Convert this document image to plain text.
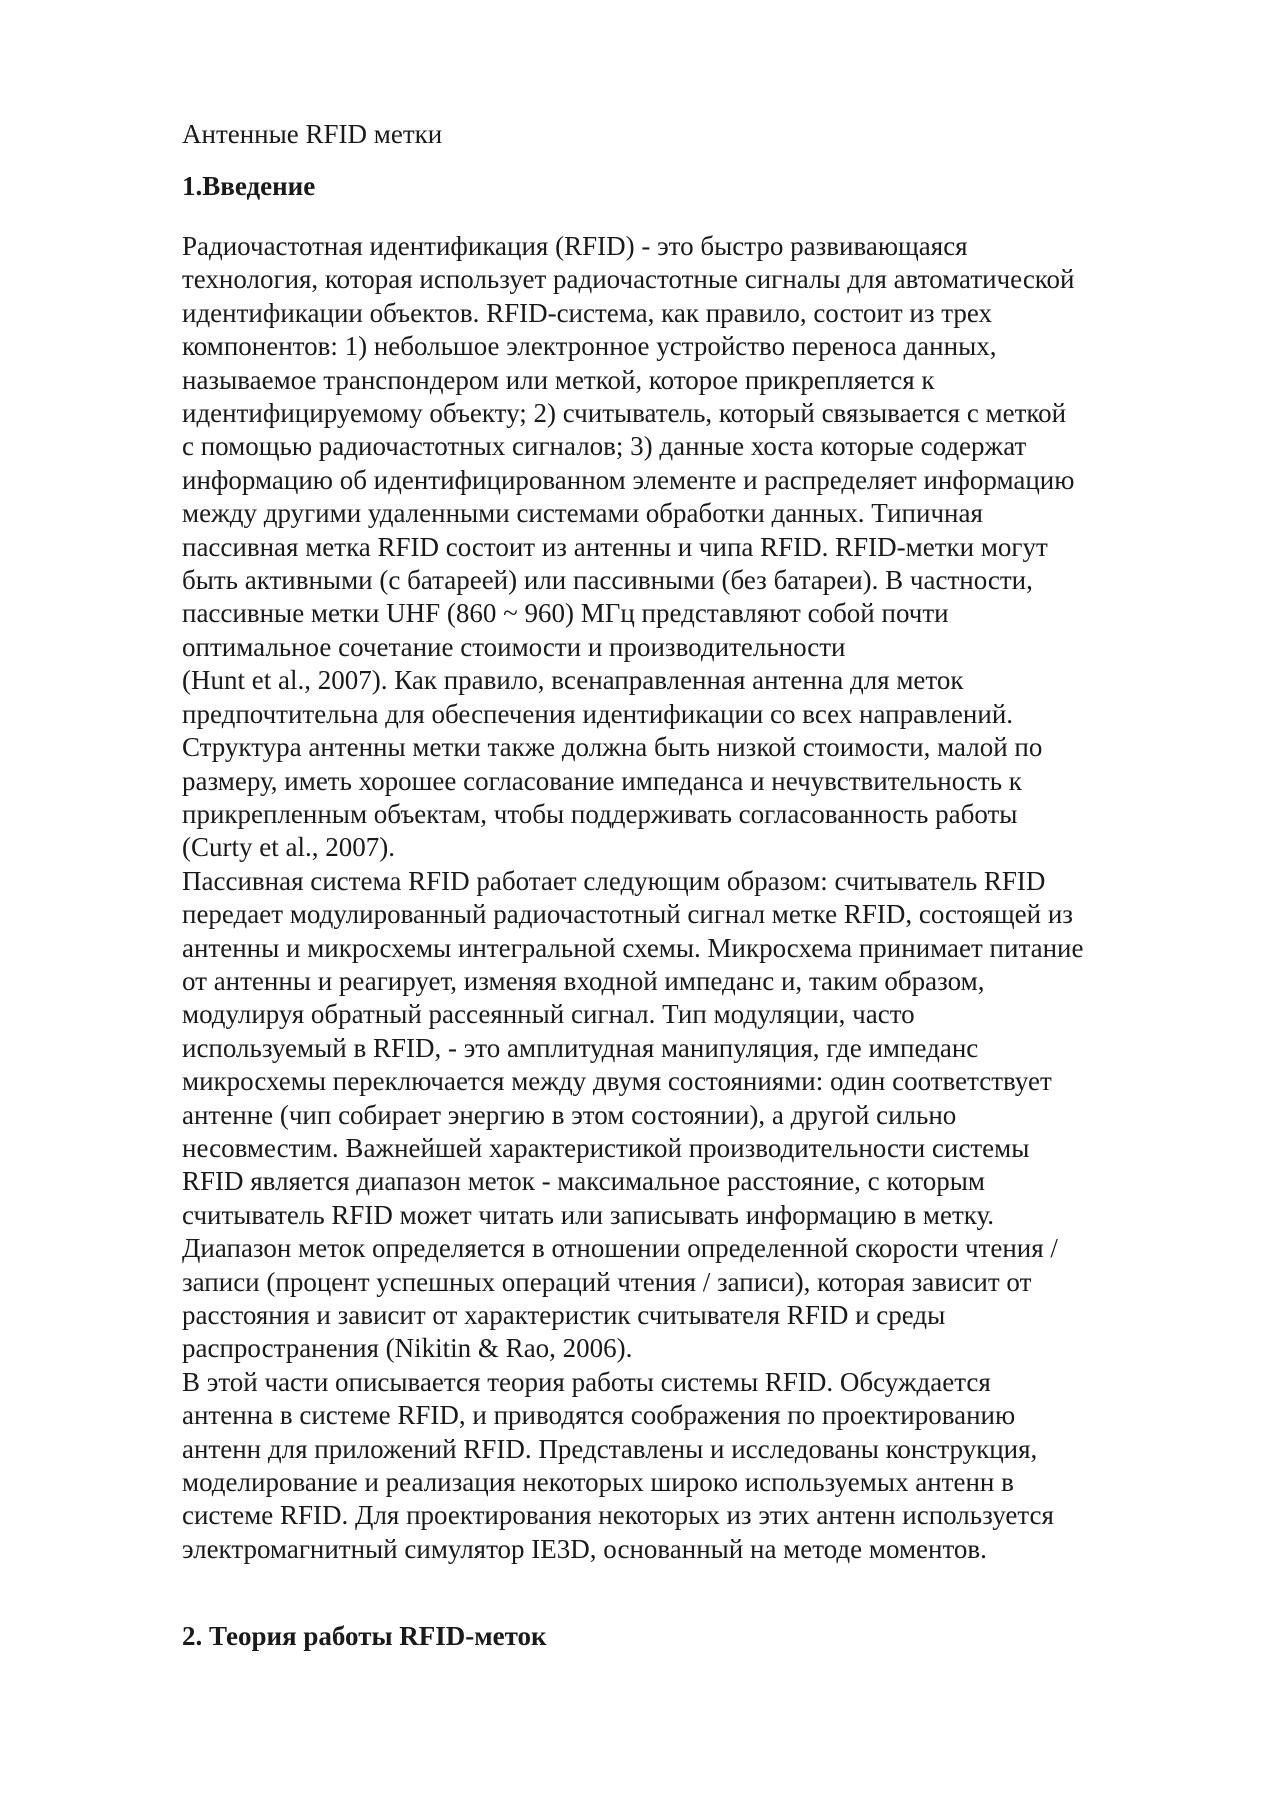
Антенные RFID метки
1.Введение
Радиочастотная идентификация (RFID) - это быстро развивающаяся
технология, которая использует радиочастотные сигналы для автоматической
идентификации объектов. RFID-система, как правило, состоит из трех
компонентов: 1) небольшое электронное устройство переноса данных,
называемое транспондером или меткой, которое прикрепляется к
идентифицируемому объекту; 2) считыватель, который связывается с меткой
с помощью радиочастотных сигналов; 3) данные хоста которые содержат
информацию об идентифицированном элементе и распределяет информацию
между другими удаленными системами обработки данных. Типичная
пассивная метка RFID состоит из антенны и чипа RFID. RFID-метки могут
быть активными (с батареей) или пассивными (без батареи). В частности,
пассивные метки UHF (860 ~ 960) МГц представляют собой почти
оптимальное сочетание стоимости и производительности
(Hunt et al., 2007). Как правило, всенаправленная антенна для меток
предпочтительна для обеспечения идентификации со всех направлений.
Структура антенны метки также должна быть низкой стоимости, малой по
размеру, иметь хорошее согласование импеданса и нечувствительность к
прикрепленным объектам, чтобы поддерживать согласованность работы
(Curty et al., 2007).
Пассивная система RFID работает следующим образом: считыватель RFID
передает модулированный радиочастотный сигнал метке RFID, состоящей из
антенны и микросхемы интегральной схемы. Микросхема принимает питание
от антенны и реагирует, изменяя входной импеданс и, таким образом,
модулируя обратный рассеянный сигнал. Тип модуляции, часто
используемый в RFID, - это амплитудная манипуляция, где импеданс
микросхемы переключается между двумя состояниями: один соответствует
антенне (чип собирает энергию в этом состоянии), а другой сильно
несовместим. Важнейшей характеристикой производительности системы
RFID является диапазон меток - максимальное расстояние, с которым
считыватель RFID может читать или записывать информацию в метку.
Диапазон меток определяется в отношении определенной скорости чтения /
записи (процент успешных операций чтения / записи), которая зависит от
расстояния и зависит от характеристик считывателя RFID и среды
распространения (Nikitin & Rao, 2006).
В этой части описывается теория работы системы RFID. Обсуждается
антенна в системе RFID, и приводятся соображения по проектированию
антенн для приложений RFID. Представлены и исследованы конструкция,
моделирование и реализация некоторых широко используемых антенн в
системе RFID. Для проектирования некоторых из этих антенн используется
электромагнитный симулятор IE3D, основанный на методе моментов.
2. Теория работы RFID-меток
